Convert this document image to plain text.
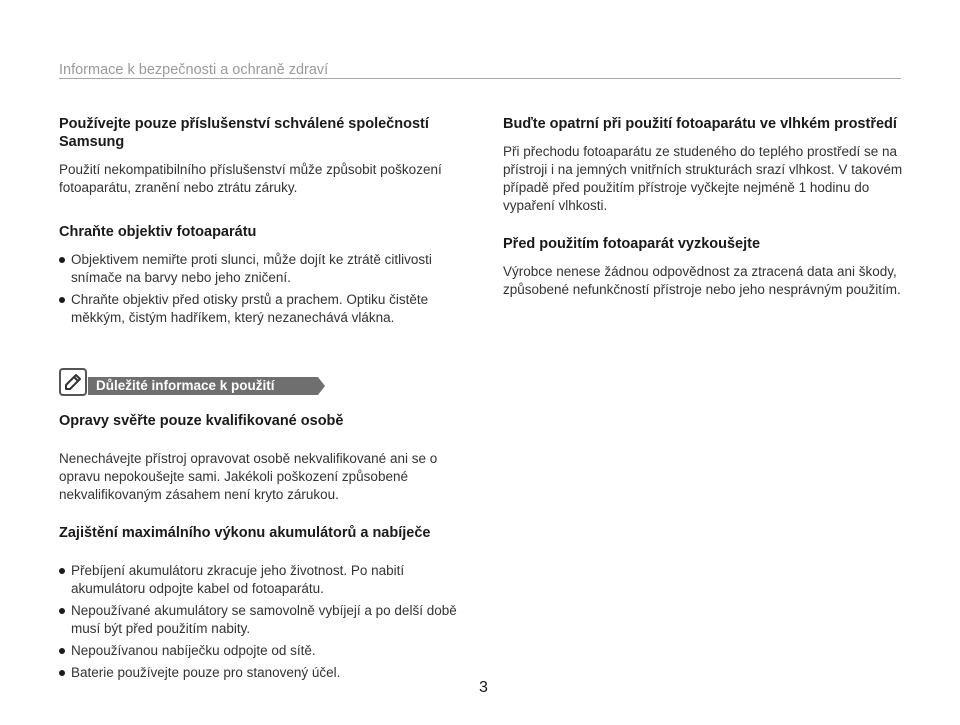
Informace k bezpečnosti a ochraně zdraví
Používejte pouze příslušenství schválené společností Samsung

Použití nekompatibilního příslušenství může způsobit poškození fotoaparátu, zranění nebo ztrátu záruky.

Chraňte objektiv fotoaparátu
Objektivem nemiřte proti slunci, může dojít ke ztrátě citlivosti snímače na barvy nebo jeho zničení.
Chraňte objektiv před otisky prstů a prachem. Optiku čistěte měkkým, čistým hadříkem, který nezanechává vlákna.
Buďte opatrní při použití fotoaparátu ve vlhkém prostředí

Při přechodu fotoaparátu ze studeného do teplého prostředí se na přístroji i na jemných vnitřních strukturách srazí vlhkost. V takovém případě před použitím přístroje vyčkejte nejméně 1 hodinu do vypaření vlhkosti.

Před použitím fotoaparát vyzkoušejte

Výrobce nenese žádnou odpovědnost za ztracená data ani škody, způsobené nefunkčností přístroje nebo jeho nesprávným použitím.

Důležité informace k použití
Opravy svěřte pouze kvalifikované osobě

Nenechávejte přístroj opravovat osobě nekvalifikované ani se o opravu nepokoušejte sami. Jakékoli poškození způsobené nekvalifikovaným zásahem není kryto zárukou.

Zajištění maximálního výkonu akumulátorů a nabíječe
Přebíjení akumulátoru zkracuje jeho životnost. Po nabití akumulátoru odpojte kabel od fotoaparátu.
Nepoužívané akumulátory se samovolně vybíjejí a po delší době musí být před použitím nabity.
Nepoužívanou nabíječku odpojte od sítě.
Baterie používejte pouze pro stanovený účel.
3
